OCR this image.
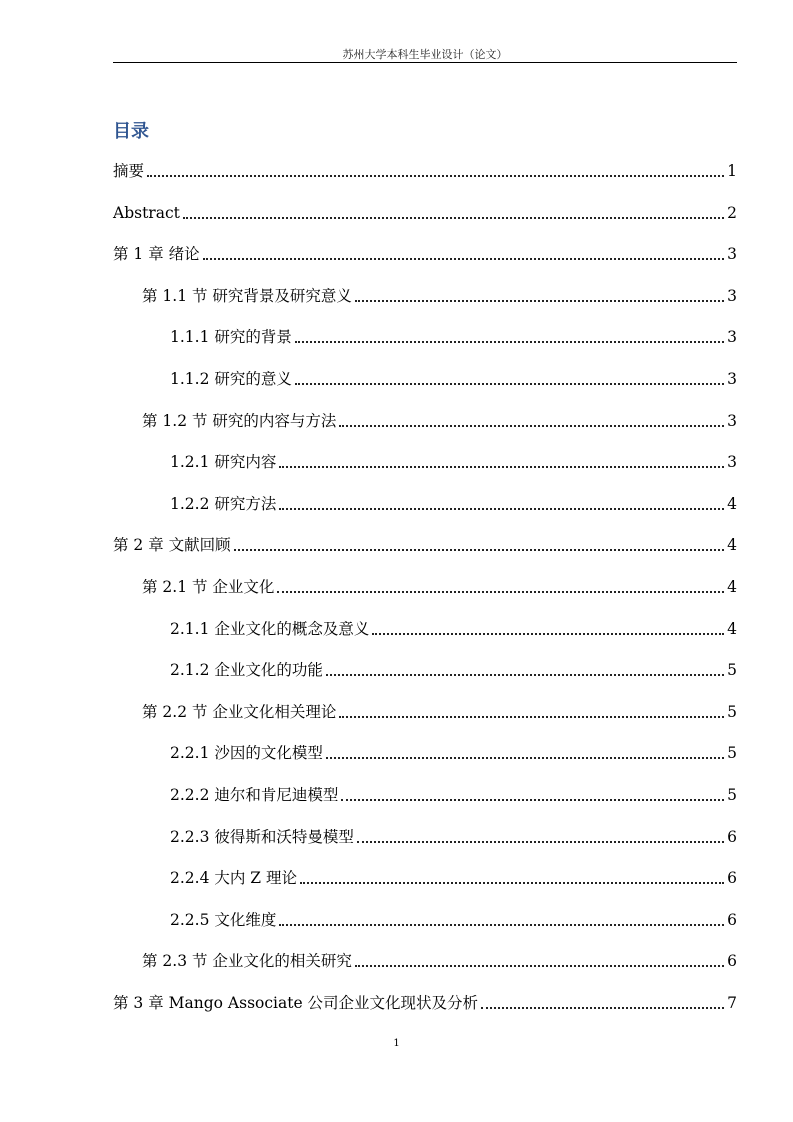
苏州大学本科生毕业设计（论文）
目录
摘要	1
Abstract	2
第 1 章 绪论	3
第 1.1 节 研究背景及研究意义	3
1.1.1 研究的背景	3
1.1.2 研究的意义	3
第 1.2 节 研究的内容与方法	3
1.2.1 研究内容	3
1.2.2 研究方法	4
第 2 章 文献回顾	4
第 2.1 节 企业文化	4
2.1.1 企业文化的概念及意义	4
2.1.2 企业文化的功能	5
第 2.2 节 企业文化相关理论	5
2.2.1 沙因的文化模型	5
2.2.2 迪尔和肯尼迪模型	5
2.2.3 彼得斯和沃特曼模型	6
2.2.4 大内 Z 理论	6
2.2.5 文化维度	6
第 2.3 节 企业文化的相关研究	6
第 3 章 Mango Associate 公司企业文化现状及分析	7
1
